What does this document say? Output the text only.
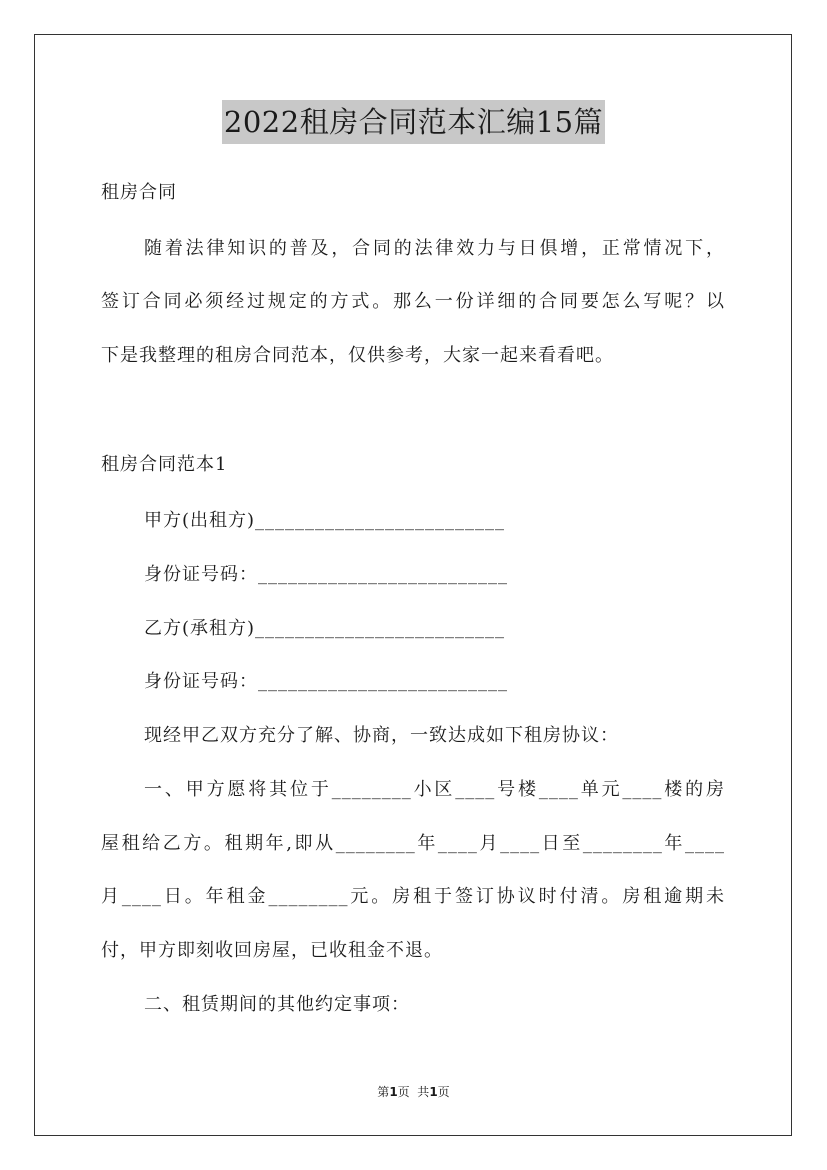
2022租房合同范本汇编15篇
租房合同
随着法律知识的普及，合同的法律效力与日俱增，正常情况下，
签订合同必须经过规定的方式。那么一份详细的合同要怎么写呢？以
下是我整理的租房合同范本，仅供参考，大家一起来看看吧。
租房合同范本1
甲方(出租方)_________________________
身份证号码：_________________________
乙方(承租方)_________________________
身份证号码：_________________________
现经甲乙双方充分了解、协商，一致达成如下租房协议：
一、甲方愿将其位于________小区____号楼____单元____楼的房
屋租给乙方。租期年,即从________年____月____日至________年____
月____日。年租金________元。房租于签订协议时付清。房租逾期未
付，甲方即刻收回房屋，已收租金不退。
二、租赁期间的其他约定事项：
第1页  共1页
